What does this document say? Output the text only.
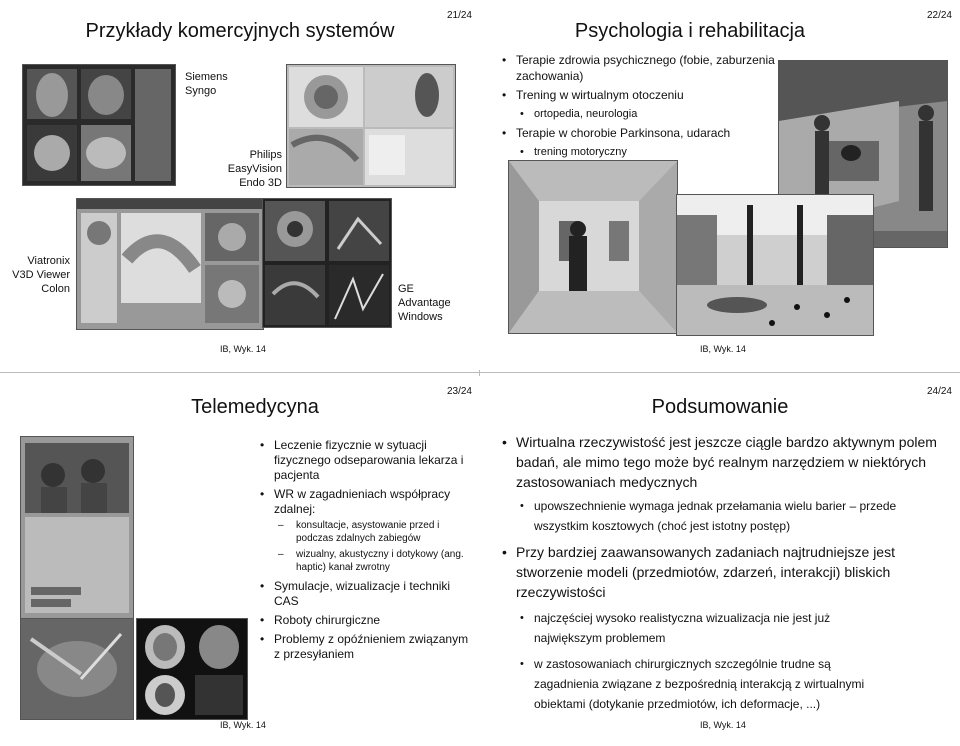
21/24
Przykłady komercyjnych systemów
Siemens
Syngo
Philips
EasyVision
Endo 3D
Viatronix
V3D Viewer
Colon	GE
Advantage
Windows
IB, Wyk. 14
22/24
Psychologia i rehabilitacja
• Terapie zdrowia psychicznego (fobie, zaburzenia zachowania)
• Trening w wirtualnym otoczeniu
• ortopedia, neurologia
• Terapie w chorobie Parkinsona, udarach
• trening motoryczny
IB, Wyk. 14
23/24
Telemedycyna
• Leczenie fizycznie w sytuacji fizycznego odseparowania lekarza i pacjenta
• WR w zagadnieniach współpracy zdalnej:
– konsultacje, asystowanie przed i podczas zdalnych zabiegów
– wizualny, akustyczny i dotykowy (ang. haptic) kanał zwrotny
• Symulacje, wizualizacje i techniki CAS
• Roboty chirurgiczne
• Problemy z opóźnieniem związanym z przesyłaniem
IB, Wyk. 14
24/24
Podsumowanie
• Wirtualna rzeczywistość jest jeszcze ciągle bardzo aktywnym polem badań, ale mimo tego może być realnym narzędziem w niektórych zastosowaniach medycznych
• upowszechnienie wymaga jednak przełamania wielu barier – przede wszystkim kosztowych (choć jest istotny postęp)
• Przy bardziej zaawansowanych zadaniach najtrudniejsze jest stworzenie modeli (przedmiotów, zdarzeń, interakcji) bliskich rzeczywistości
• najczęściej wysoko realistyczna wizualizacja nie jest już największym problemem
• w zastosowaniach chirurgicznych szczególnie trudne są zagadnienia związane z bezpośrednią interakcją z wirtualnymi obiektami (dotykanie przedmiotów, ich deformacje, ...)
IB, Wyk. 14
